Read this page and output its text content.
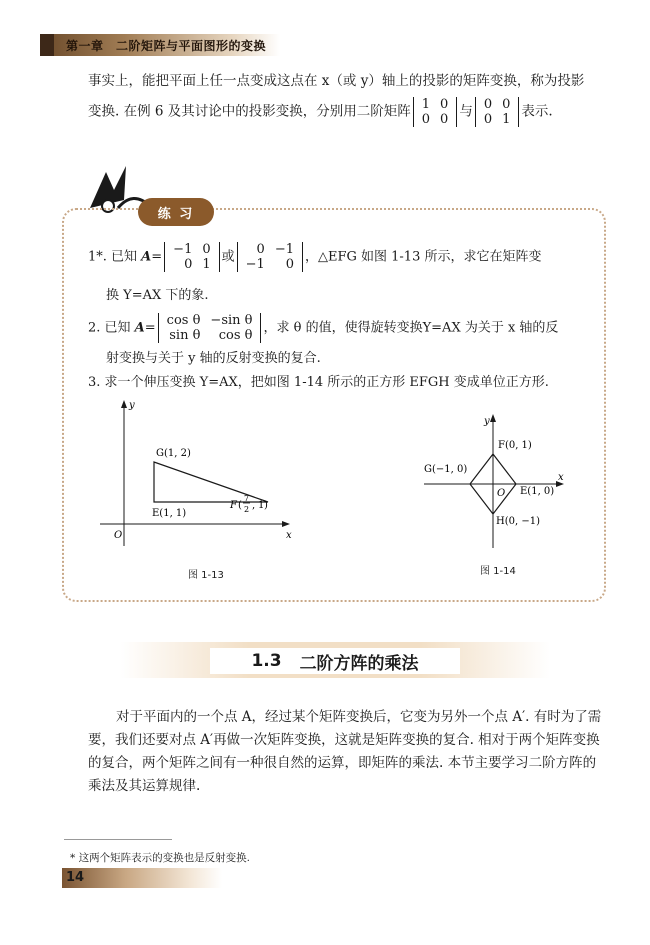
第一章　二阶矩阵与平面图形的变换
事实上，能把平面上任一点变成这点在 x（或 y）轴上的投影的矩阵变换，称为投影
变换. 在例 6 及其讨论中的投影变换，分别用二阶矩阵 1	0
0	0 与 0	0
0	1 表示.
练 习
1*. 已知 A= −1	0
0	1 或 0	−1
−1	0 ，△EFG 如图 1-13 所示，求它在矩阵变
换 Y=AX 下的象.
2. 已知 A= cos θ	−sin θ
sin θ	cos θ ，求 θ 的值，使得旋转变换Y=AX 为关于 x 轴的反
射变换与关于 y 轴的反射变换的复合.
3. 求一个伸压变换 Y=AX，把如图 1-14 所示的正方形 EFGH 变成单位正方形.
y
x
O
G(1, 2)
E(1, 1)
F (
7
2 , 1 )
图 1-13
y
x
O
F(0, 1)
G(−1, 0)
E(1, 0)
H(0, −1)
图 1-14
1.3 二阶方阵的乘法
对于平面内的一个点 A，经过某个矩阵变换后，它变为另外一个点 A′. 有时为了需要，我们还要对点 A′再做一次矩阵变换，这就是矩阵变换的复合. 相对于两个矩阵变换的复合，两个矩阵之间有一种很自然的运算，即矩阵的乘法. 本节主要学习二阶方阵的乘法及其运算规律.
* 这两个矩阵表示的变换也是反射变换.
14
